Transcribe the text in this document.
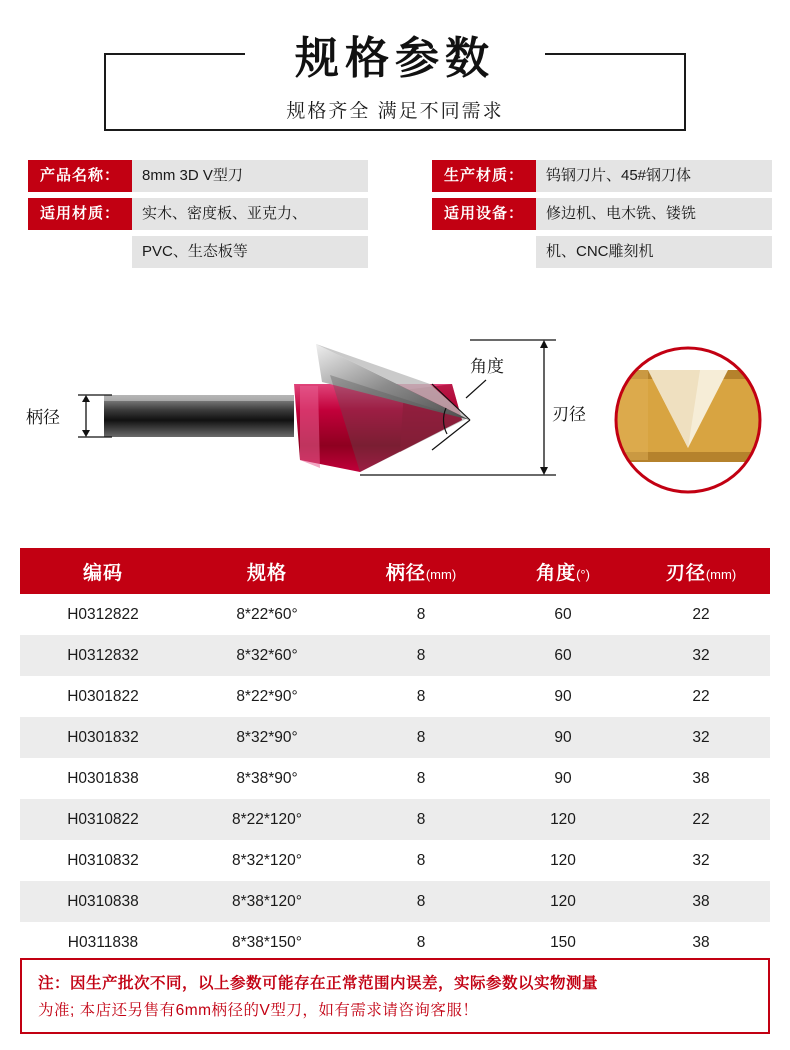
规格参数
规格齐全 满足不同需求
产品名称：	8mm 3D V型刀
适用材质：	实木、密度板、亚克力、
PVC、生态板等
生产材质：	钨钢刀片、45#钢刀体
适用设备：	修边机、电木铣、镂铣
机、CNC雕刻机
柄径
角度
刃径
编码	规格	柄径(mm)	角度(°)	刃径(mm)
H0312822	8*22*60°	8	60	22
H0312832	8*32*60°	8	60	32
H0301822	8*22*90°	8	90	22
H0301832	8*32*90°	8	90	32
H0301838	8*38*90°	8	90	38
H0310822	8*22*120°	8	120	22
H0310832	8*32*120°	8	120	32
H0310838	8*38*120°	8	120	38
H0311838	8*38*150°	8	150	38
注：因生产批次不同，以上参数可能存在正常范围内误差，实际参数以实物测量
为准; 本店还另售有6mm柄径的V型刀，如有需求请咨询客服！
